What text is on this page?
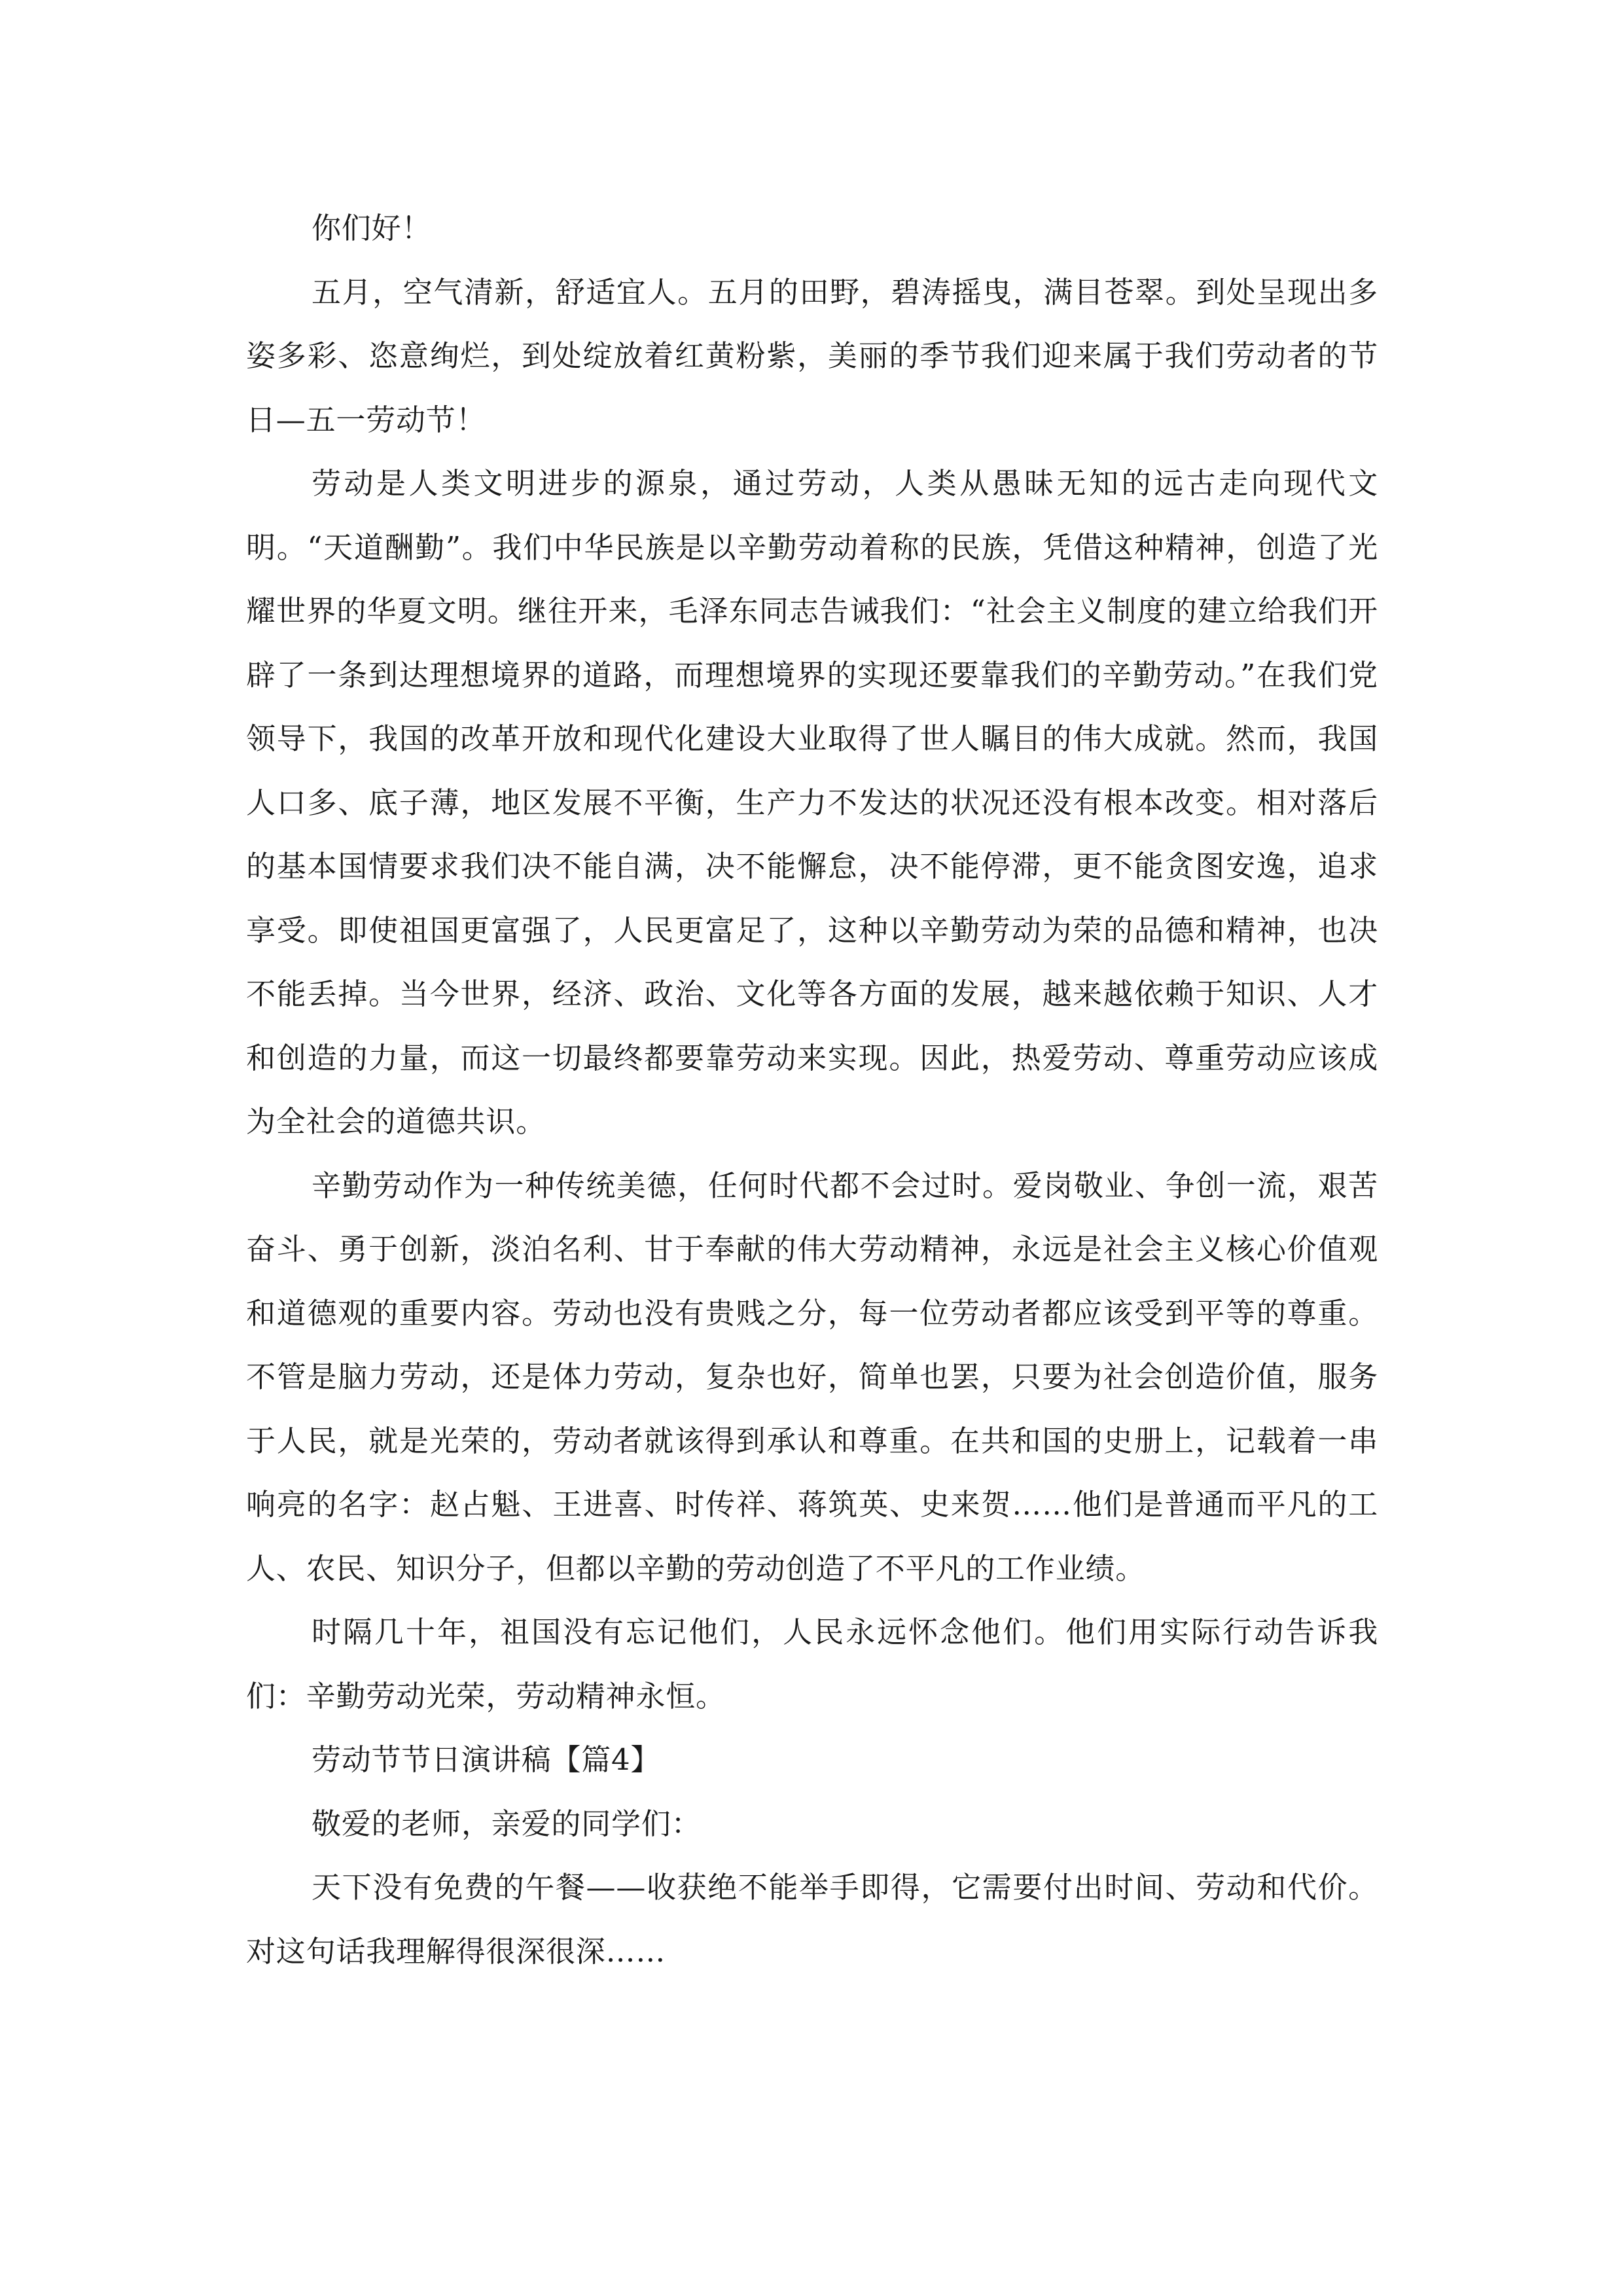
你们好！

五月，空气清新，舒适宜人。五月的田野，碧涛摇曳，满目苍翠。到处呈现出多姿多彩、恣意绚烂，到处绽放着红黄粉紫，美丽的季节我们迎来属于我们劳动者的节日—五一劳动节！

劳动是人类文明进步的源泉，通过劳动，人类从愚昧无知的远古走向现代文明。“天道酬勤”。我们中华民族是以辛勤劳动着称的民族，凭借这种精神，创造了光耀世界的华夏文明。继往开来，毛泽东同志告诫我们：“社会主义制度的建立给我们开辟了一条到达理想境界的道路，而理想境界的实现还要靠我们的辛勤劳动。”在我们党领导下，我国的改革开放和现代化建设大业取得了世人瞩目的伟大成就。然而，我国人口多、底子薄，地区发展不平衡，生产力不发达的状况还没有根本改变。相对落后的基本国情要求我们决不能自满，决不能懈怠，决不能停滞，更不能贪图安逸，追求享受。即使祖国更富强了，人民更富足了，这种以辛勤劳动为荣的品德和精神，也决不能丢掉。当今世界，经济、政治、文化等各方面的发展，越来越依赖于知识、人才和创造的力量，而这一切最终都要靠劳动来实现。因此，热爱劳动、尊重劳动应该成为全社会的道德共识。

辛勤劳动作为一种传统美德，任何时代都不会过时。爱岗敬业、争创一流，艰苦奋斗、勇于创新，淡泊名利、甘于奉献的伟大劳动精神，永远是社会主义核心价值观和道德观的重要内容。劳动也没有贵贱之分，每一位劳动者都应该受到平等的尊重。不管是脑力劳动，还是体力劳动，复杂也好，简单也罢，只要为社会创造价值，服务于人民，就是光荣的，劳动者就该得到承认和尊重。在共和国的史册上，记载着一串响亮的名字：赵占魁、王进喜、时传祥、蒋筑英、史来贺……他们是普通而平凡的工人、农民、知识分子，但都以辛勤的劳动创造了不平凡的工作业绩。

时隔几十年，祖国没有忘记他们，人民永远怀念他们。他们用实际行动告诉我们：辛勤劳动光荣，劳动精神永恒。

劳动节节日演讲稿【篇4】

敬爱的老师，亲爱的同学们：

天下没有免费的午餐——收获绝不能举手即得，它需要付出时间、劳动和代价。对这句话我理解得很深很深……
